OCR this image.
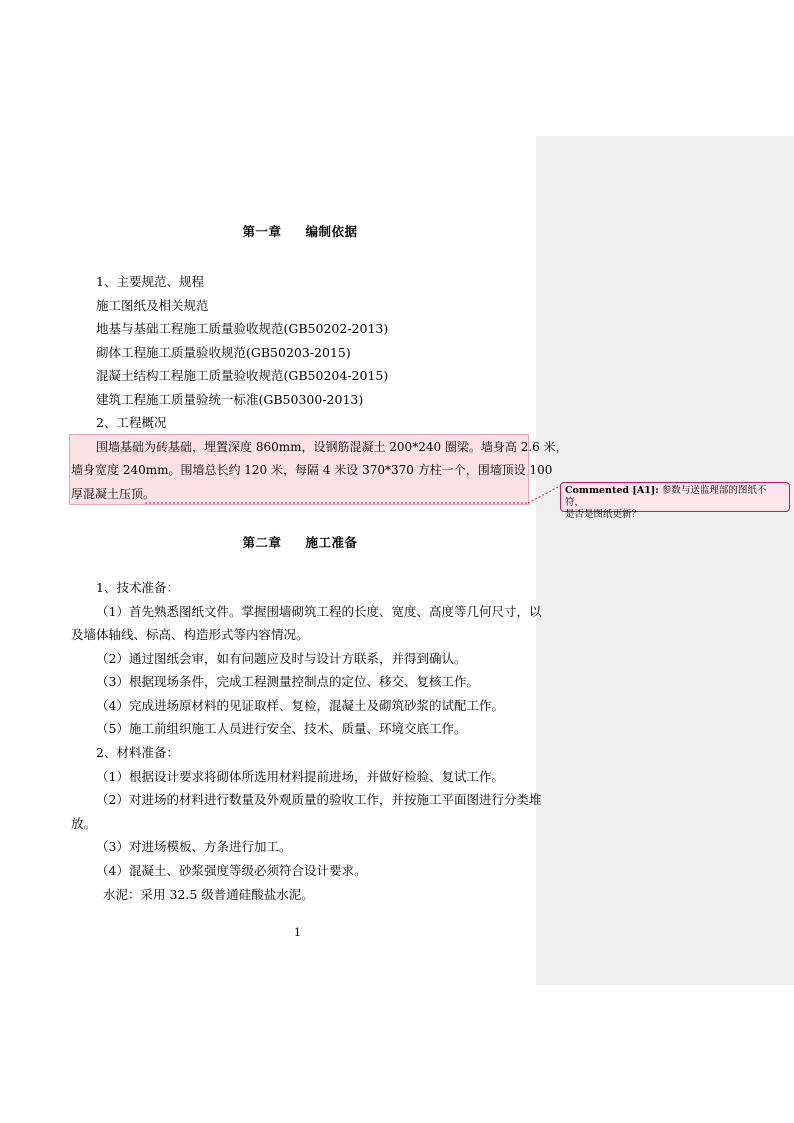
第一章 编制依据
1、主要规范、规程
施工图纸及相关规范
地基与基础工程施工质量验收规范(GB50202-2013)
砌体工程施工质量验收规范(GB50203-2015)
混凝土结构工程施工质量验收规范(GB50204-2015)
建筑工程施工质量验统一标准(GB50300-2013)
2、工程概况
围墙基础为砖基础，埋置深度 860mm，设钢筋混凝土 200*240 圈梁。墙身高 2.6 米，
墙身宽度 240mm。围墙总长约 120 米，每隔 4 米设 370*370 方柱一个，围墙顶设 100
厚混凝土压顶。	Commented [A1]: 参数与送监理部的图纸不符，
是否是图纸更新？
第二章 施工准备
1、技术准备：
（1）首先熟悉图纸文件。掌握围墙砌筑工程的长度、宽度、高度等几何尺寸，以
及墙体轴线、标高、构造形式等内容情况。
（2）通过图纸会审，如有问题应及时与设计方联系，并得到确认。
（3）根据现场条件，完成工程测量控制点的定位、移交、复核工作。
（4）完成进场原材料的见证取样、复检，混凝土及砌筑砂浆的试配工作。
（5）施工前组织施工人员进行安全、技术、质量、环境交底工作。
2、材料准备：
（1）根据设计要求将砌体所选用材料提前进场，并做好检验、复试工作。
（2）对进场的材料进行数量及外观质量的验收工作，并按施工平面图进行分类堆
放。
（3）对进场模板、方条进行加工。
（4）混凝土、砂浆强度等级必须符合设计要求。
水泥：采用 32.5 级普通硅酸盐水泥。
1
